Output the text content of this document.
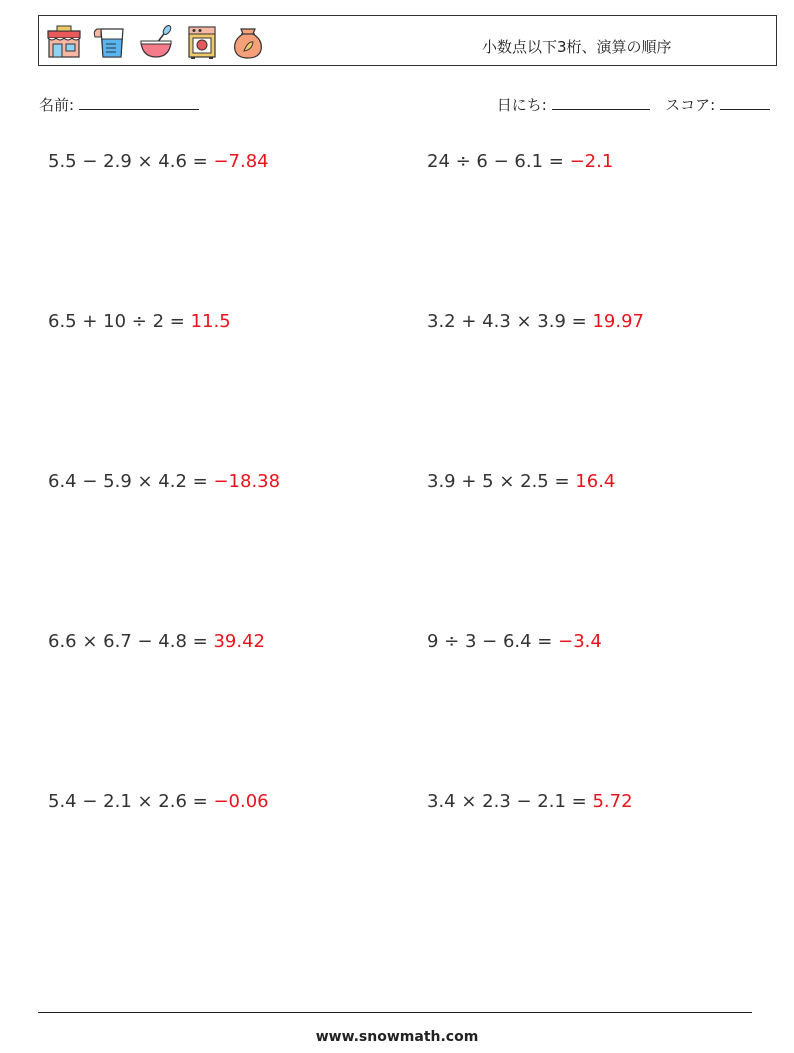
小数点以下3桁、演算の順序
名前:	日にち:	スコア:
5.5 − 2.9 × 4.6 = −7.84	24 ÷ 6 − 6.1 = −2.1
6.5 + 10 ÷ 2 = 11.5	3.2 + 4.3 × 3.9 = 19.97
6.4 − 5.9 × 4.2 = −18.38	3.9 + 5 × 2.5 = 16.4
6.6 × 6.7 − 4.8 = 39.42	9 ÷ 3 − 6.4 = −3.4
5.4 − 2.1 × 2.6 = −0.06	3.4 × 2.3 − 2.1 = 5.72
www.snowmath.com
